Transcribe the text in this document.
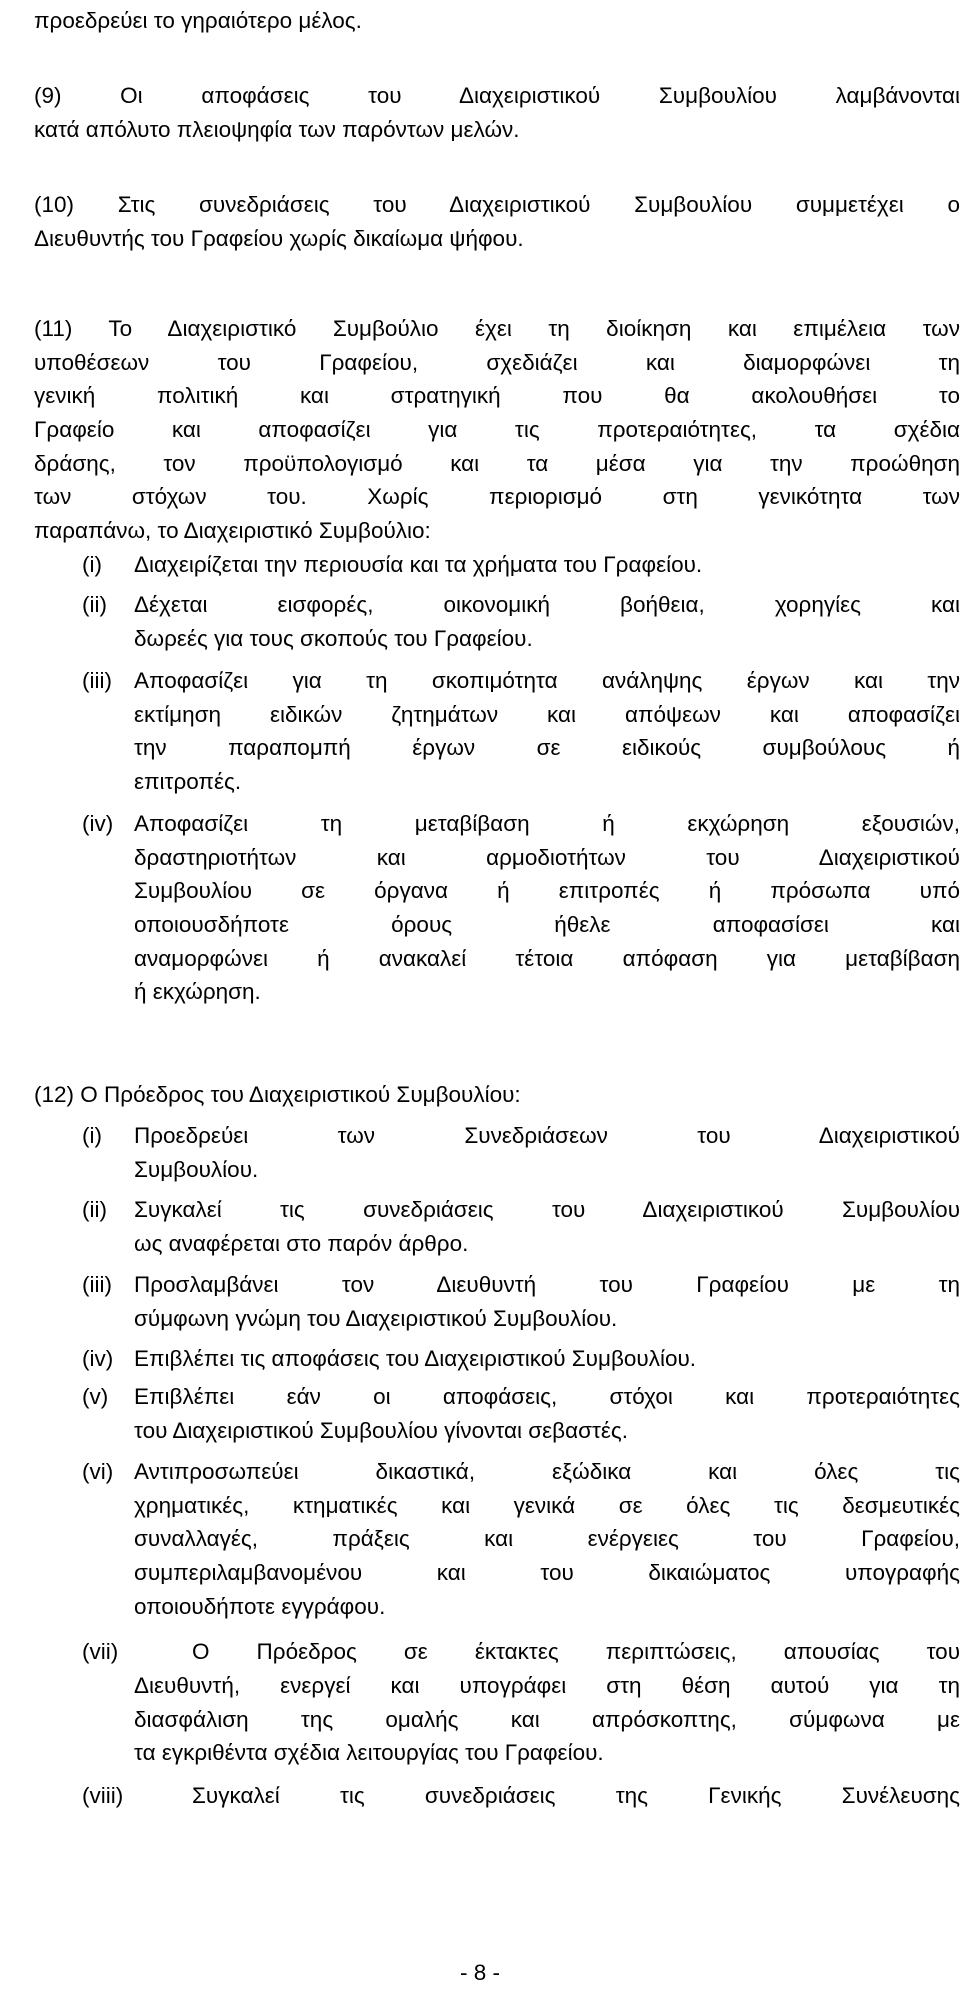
προεδρεύει το γηραιότερο μέλος.
(9) Οι αποφάσεις του Διαχειριστικού Συμβουλίου λαμβάνονται
κατά απόλυτο πλειοψηφία των παρόντων μελών.
(10) Στις συνεδριάσεις του Διαχειριστικού Συμβουλίου συμμετέχει ο
Διευθυντής του Γραφείου χωρίς δικαίωμα ψήφου.
(11) Το Διαχειριστικό Συμβούλιο έχει τη διοίκηση και επιμέλεια των
υποθέσεων του Γραφείου, σχεδιάζει και διαμορφώνει τη
γενική πολιτική και στρατηγική που θα ακολουθήσει το
Γραφείο και αποφασίζει για τις προτεραιότητες, τα σχέδια
δράσης, τον προϋπολογισμό και τα μέσα για την προώθηση
των στόχων του. Χωρίς περιορισμό στη γενικότητα των
παραπάνω, το Διαχειριστικό Συμβούλιο:
(i)	Διαχειρίζεται την περιουσία και τα χρήματα του Γραφείου.
(ii)	Δέχεται εισφορές, οικονομική βοήθεια, χορηγίες και
δωρεές για τους σκοπούς του Γραφείου.
(iii) Αποφασίζει για τη σκοπιμότητα ανάληψης έργων και την
εκτίμηση ειδικών ζητημάτων και απόψεων και αποφασίζει
την παραπομπή έργων σε ειδικούς συμβούλους ή
επιτροπές.
(iv) Αποφασίζει τη μεταβίβαση ή εκχώρηση εξουσιών,
δραστηριοτήτων και αρμοδιοτήτων του Διαχειριστικού
Συμβουλίου σε όργανα ή επιτροπές ή πρόσωπα υπό
οποιουσδήποτε όρους ήθελε αποφασίσει και
αναμορφώνει ή ανακαλεί τέτοια απόφαση για μεταβίβαση
ή εκχώρηση.
(12) Ο Πρόεδρος του Διαχειριστικού Συμβουλίου:
(i)	Προεδρεύει των Συνεδριάσεων του Διαχειριστικού
Συμβουλίου.
(ii)	Συγκαλεί τις συνεδριάσεις του Διαχειριστικού Συμβουλίου
ως αναφέρεται στο παρόν άρθρο.
(iii) Προσλαμβάνει τον Διευθυντή του Γραφείου με τη
σύμφωνη γνώμη του Διαχειριστικού Συμβουλίου.
(iv) Επιβλέπει τις αποφάσεις του Διαχειριστικού Συμβουλίου.
(v)	Επιβλέπει εάν οι αποφάσεις, στόχοι και προτεραιότητες
του Διαχειριστικού Συμβουλίου γίνονται σεβαστές.
(vi) Αντιπροσωπεύει δικαστικά, εξώδικα και όλες τις
χρηματικές, κτηματικές και γενικά σε όλες τις δεσμευτικές
συναλλαγές, πράξεις και ενέργειες του Γραφείου,
συμπεριλαμβανομένου και του δικαιώματος υπογραφής
οποιουδήποτε εγγράφου.
(vii)	Ο Πρόεδρος σε έκτακτες περιπτώσεις, απουσίας του
Διευθυντή, ενεργεί και υπογράφει στη θέση αυτού για τη
διασφάλιση της ομαλής και απρόσκοπτης, σύμφωνα με
τα εγκριθέντα σχέδια λειτουργίας του Γραφείου.
(viii)	Συγκαλεί τις συνεδριάσεις της Γενικής Συνέλευσης
- 8 -
